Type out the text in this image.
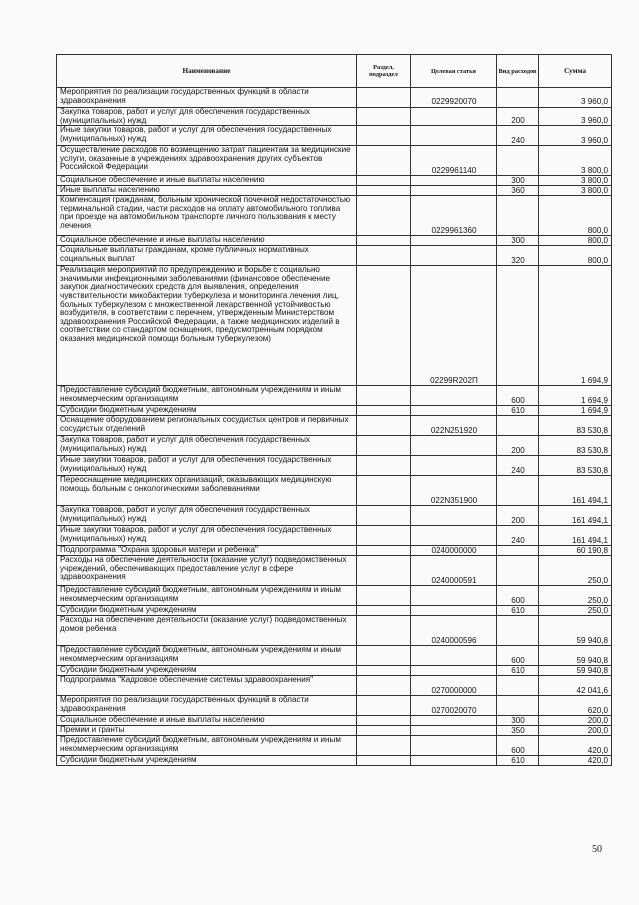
Наименование	Раздел, подраздел	Целевая статья	Вид расходов	Сумма
Мероприятия по реализации государственных функций в области здравоохранения		0229920070		3 960,0
Закупка товаров, работ и услуг для обеспечения государственных (муниципальных) нужд			200	3 960,0
Иные закупки товаров, работ и услуг для обеспечения государственных (муниципальных) нужд			240	3 960,0
Осуществление расходов по возмещению затрат пациентам за медицинские услуги, оказанные в учреждениях здравоохранения других субъектов Российской Федерации		0229961140		3 800,0
Социальное обеспечение и иные выплаты населению			300	3 800,0
Иные выплаты населению			360	3 800,0
Компенсация гражданам, больным хронической почечной недостаточностью терминальной стадии, части расходов на оплату автомобильного топлива при проезде на автомобильном транспорте личного пользования к месту лечения		0229961360		800,0
Социальное обеспечение и иные выплаты населению			300	800,0
Социальные выплаты гражданам, кроме публичных нормативных социальных выплат			320	800,0
Реализация мероприятий по предупреждению и борьбе с социально значимыми инфекционными заболеваниями (финансовое обеспечение закупок диагностических средств для выявления, определения чувствительности микобактерии туберкулеза и мониторинга лечения лиц, больных туберкулезом с множественной лекарственной устойчивостью возбудителя, в соответствии с перечнем, утвержденным Министерством здравоохранения Российской Федерации, а также медицинских изделий в соответствии со стандартом оснащения, предусмотренным порядком оказания медицинской помощи больным туберкулезом)		02299R202П		1 694,9
Предоставление субсидий бюджетным, автономным учреждениям и иным некоммерческим организациям			600	1 694,9
Субсидии бюджетным учреждениям			610	1 694,9
Оснащение оборудованием региональных сосудистых центров и первичных сосудистых отделений		022N251920		83 530,8
Закупка товаров, работ и услуг для обеспечения государственных (муниципальных) нужд			200	83 530,8
Иные закупки товаров, работ и услуг для обеспечения государственных (муниципальных) нужд			240	83 530,8
Переоснащение медицинских организаций, оказывающих медицинскую помощь больным с онкологическими заболеваниями		022N351900		161 494,1
Закупка товаров, работ и услуг для обеспечения государственных (муниципальных) нужд			200	161 494,1
Иные закупки товаров, работ и услуг для обеспечения государственных (муниципальных) нужд			240	161 494,1
Подпрограмма "Охрана здоровья матери и ребенка"		0240000000		60 190,8
Расходы на обеспечение деятельности (оказание услуг) подведомственных учреждений, обеспечивающих предоставление услуг в сфере здравоохранения		0240000591		250,0
Предоставление субсидий бюджетным, автономным учреждениям и иным некоммерческим организациям			600	250,0
Субсидии бюджетным учреждениям			610	250,0
Расходы на обеспечение деятельности (оказание услуг) подведомственных домов ребенка		0240000596		59 940,8
Предоставление субсидий бюджетным, автономным учреждениям и иным некоммерческим организациям			600	59 940,8
Субсидии бюджетным учреждениям			610	59 940,8
Подпрограмма "Кадровое обеспечение системы здравоохранения"		0270000000		42 041,6
Мероприятия по реализации государственных функций в области здравоохранения		0270020070		620,0
Социальное обеспечение и иные выплаты населению			300	200,0
Премии и гранты			350	200,0
Предоставление субсидий бюджетным, автономным учреждениям и иным некоммерческим организациям			600	420,0
Субсидии бюджетным учреждениям			610	420,0
50
